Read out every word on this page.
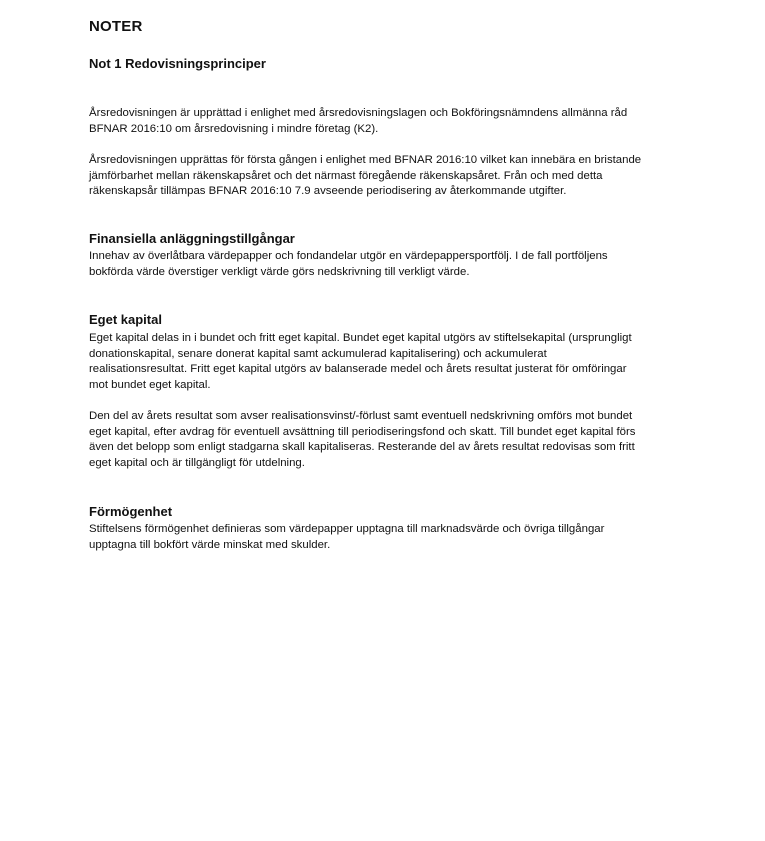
NOTER
Not 1 Redovisningsprinciper

Årsredovisningen är upprättad i enlighet med årsredovisningslagen och Bokföringsnämndens allmänna råd
BFNAR 2016:10 om årsredovisning i mindre företag (K2).

Årsredovisningen upprättas för första gången i enlighet med BFNAR 2016:10 vilket kan innebära en bristande
jämförbarhet mellan räkenskapsåret och det närmast föregående räkenskapsåret. Från och med detta
räkenskapsår tillämpas BFNAR 2016:10 7.9 avseende periodisering av återkommande utgifter.

Finansiella anläggningstillgångar

Innehav av överlåtbara värdepapper och fondandelar utgör en värdepappersportfölj. I de fall portföljens
bokförda värde överstiger verkligt värde görs nedskrivning till verkligt värde.

Eget kapital

Eget kapital delas in i bundet och fritt eget kapital. Bundet eget kapital utgörs av stiftelsekapital (ursprungligt
donationskapital, senare donerat kapital samt ackumulerad kapitalisering) och ackumulerat
realisationsresultat. Fritt eget kapital utgörs av balanserade medel och årets resultat justerat för omföringar
mot bundet eget kapital.

Den del av årets resultat som avser realisationsvinst/-förlust samt eventuell nedskrivning omförs mot bundet
eget kapital, efter avdrag för eventuell avsättning till periodiseringsfond och skatt. Till bundet eget kapital förs
även det belopp som enligt stadgarna skall kapitaliseras. Resterande del av årets resultat redovisas som fritt
eget kapital och är tillgängligt för utdelning.

Förmögenhet

Stiftelsens förmögenhet definieras som värdepapper upptagna till marknadsvärde och övriga tillgångar
upptagna till bokfört värde minskat med skulder.
